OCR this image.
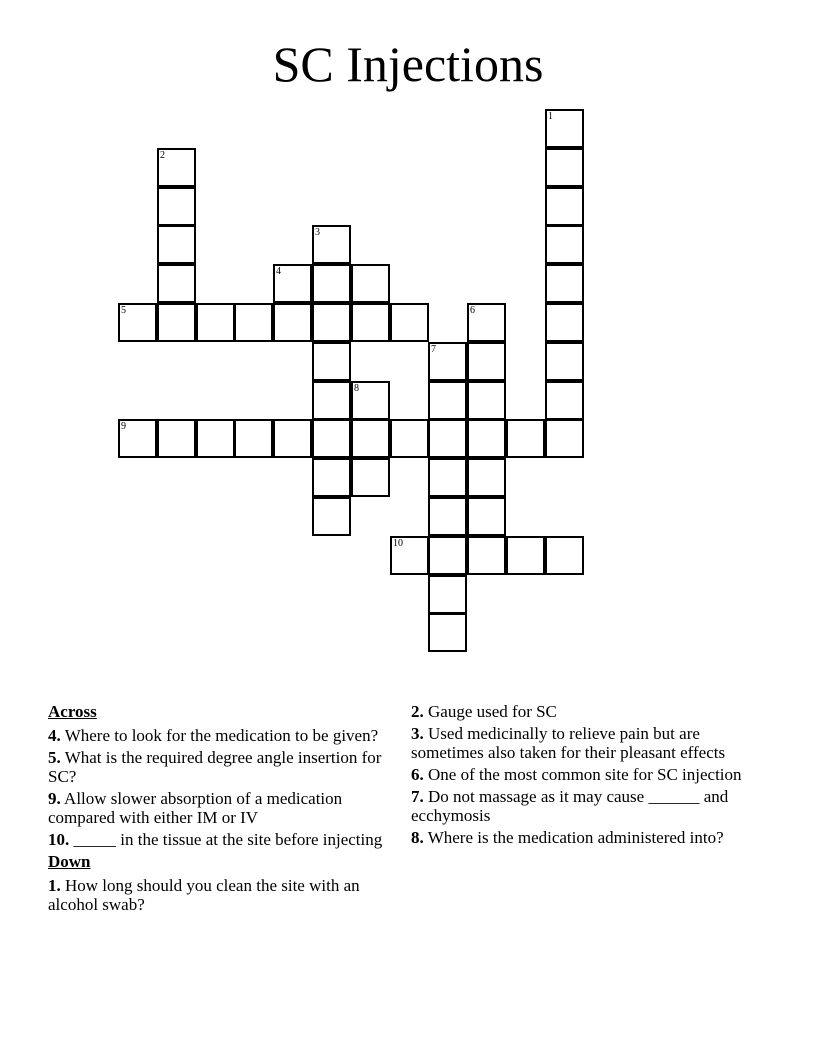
SC Injections
1
2
3
4
5	6
7
8
9
10
Across
4. Where to look for the medication to be given?
5. What is the required degree angle insertion for SC?
9. Allow slower absorption of a medication compared with either IM or IV
10. _____ in the tissue at the site before injecting
Down
1. How long should you clean the site with an alcohol swab?
2. Gauge used for SC
3. Used medicinally to relieve pain but are sometimes also taken for their pleasant effects
6. One of the most common site for SC injection
7. Do not massage as it may cause ______ and ecchymosis
8. Where is the medication administered into?
